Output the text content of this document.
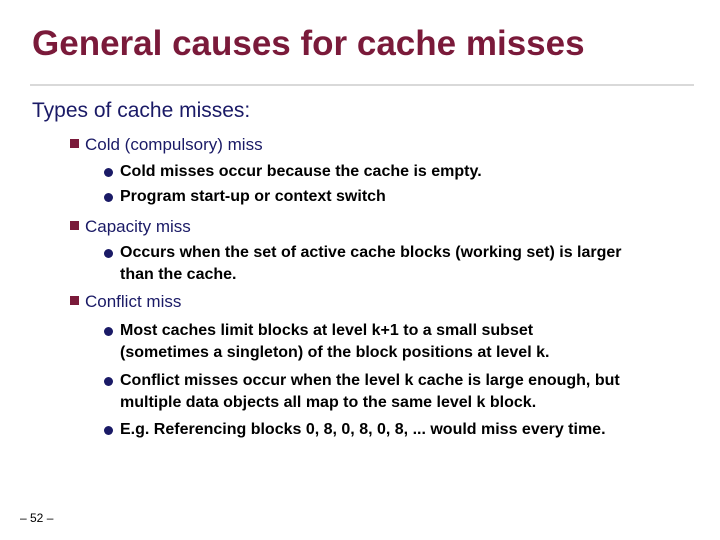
General causes for cache misses
Types of cache misses:
Cold (compulsory) miss
Cold misses occur because the cache is empty.
Program start-up or context switch
Capacity miss
Occurs when the set of active cache blocks (working set) is larger than the cache.
Conflict miss
Most caches limit blocks at level k+1 to a small subset (sometimes a singleton) of the block positions at level k.
Conflict misses occur when the level k cache is large enough, but multiple data objects all map to the same level k block.
E.g. Referencing blocks 0, 8, 0, 8, 0, 8, ... would miss every time.
– 52 –
